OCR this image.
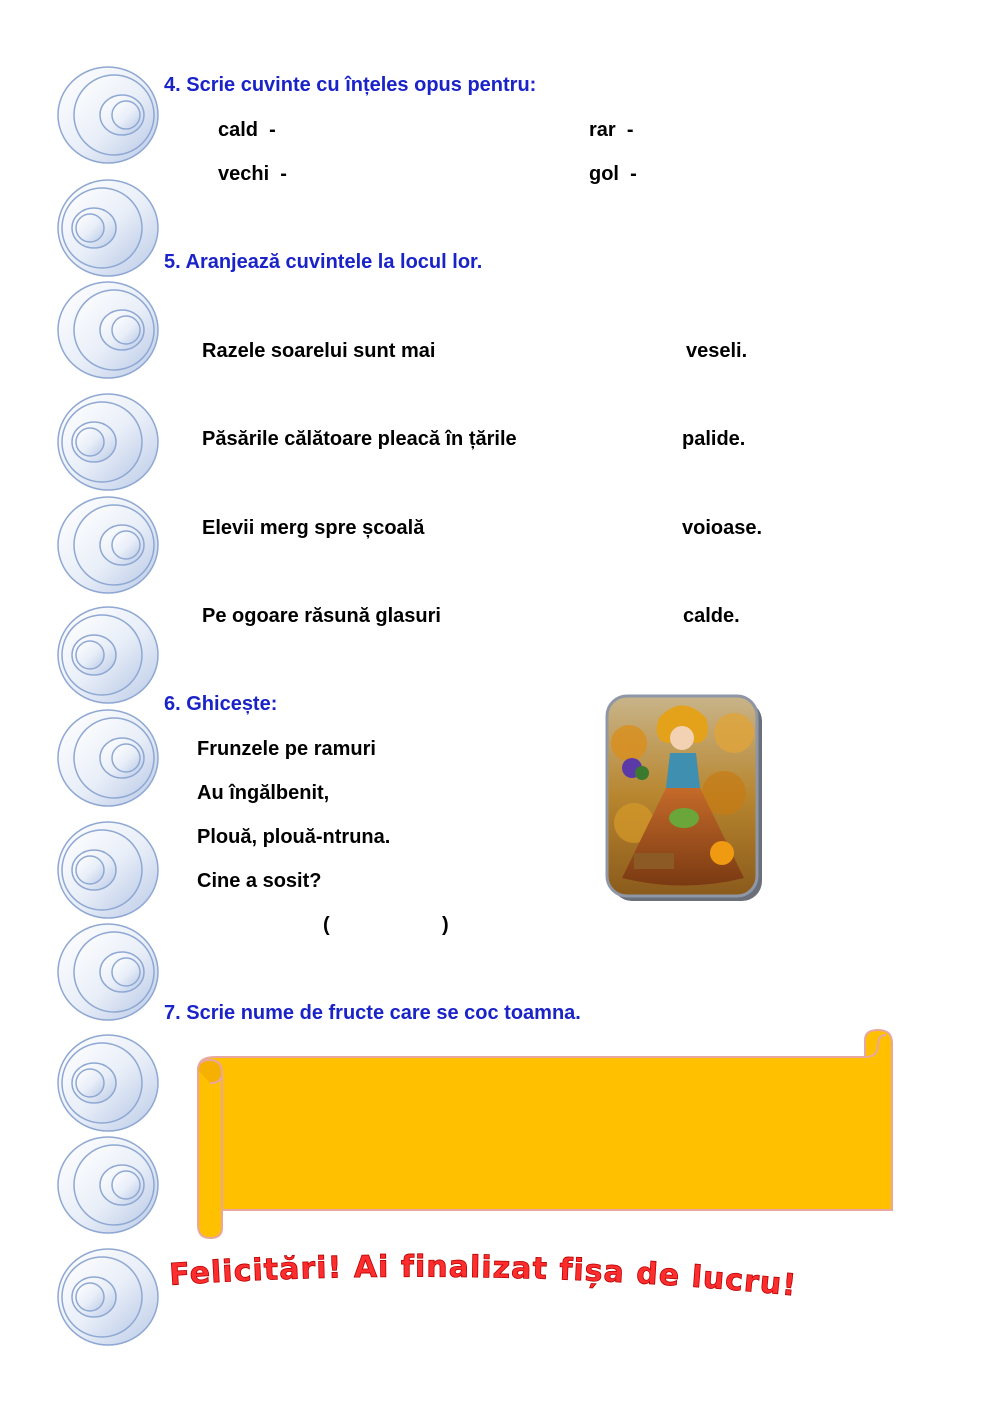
4. Scrie cuvinte cu înțeles opus pentru:
cald -	rar -
vechi -	gol -
5. Aranjează cuvintele la locul lor.
Razele soarelui sunt mai	veseli.
Păsările călătoare pleacă în țările	palide.
Elevii merg spre școală	voioase.
Pe ogoare răsună glasuri	calde.
6. Ghicește:
Frunzele pe ramuri
Au îngălbenit,
Plouă, plouă-ntruna.
Cine a sosit?
(	)
7. Scrie nume de fructe care se coc toamna.
Felicitări! Ai finalizat fișa de lucru!
